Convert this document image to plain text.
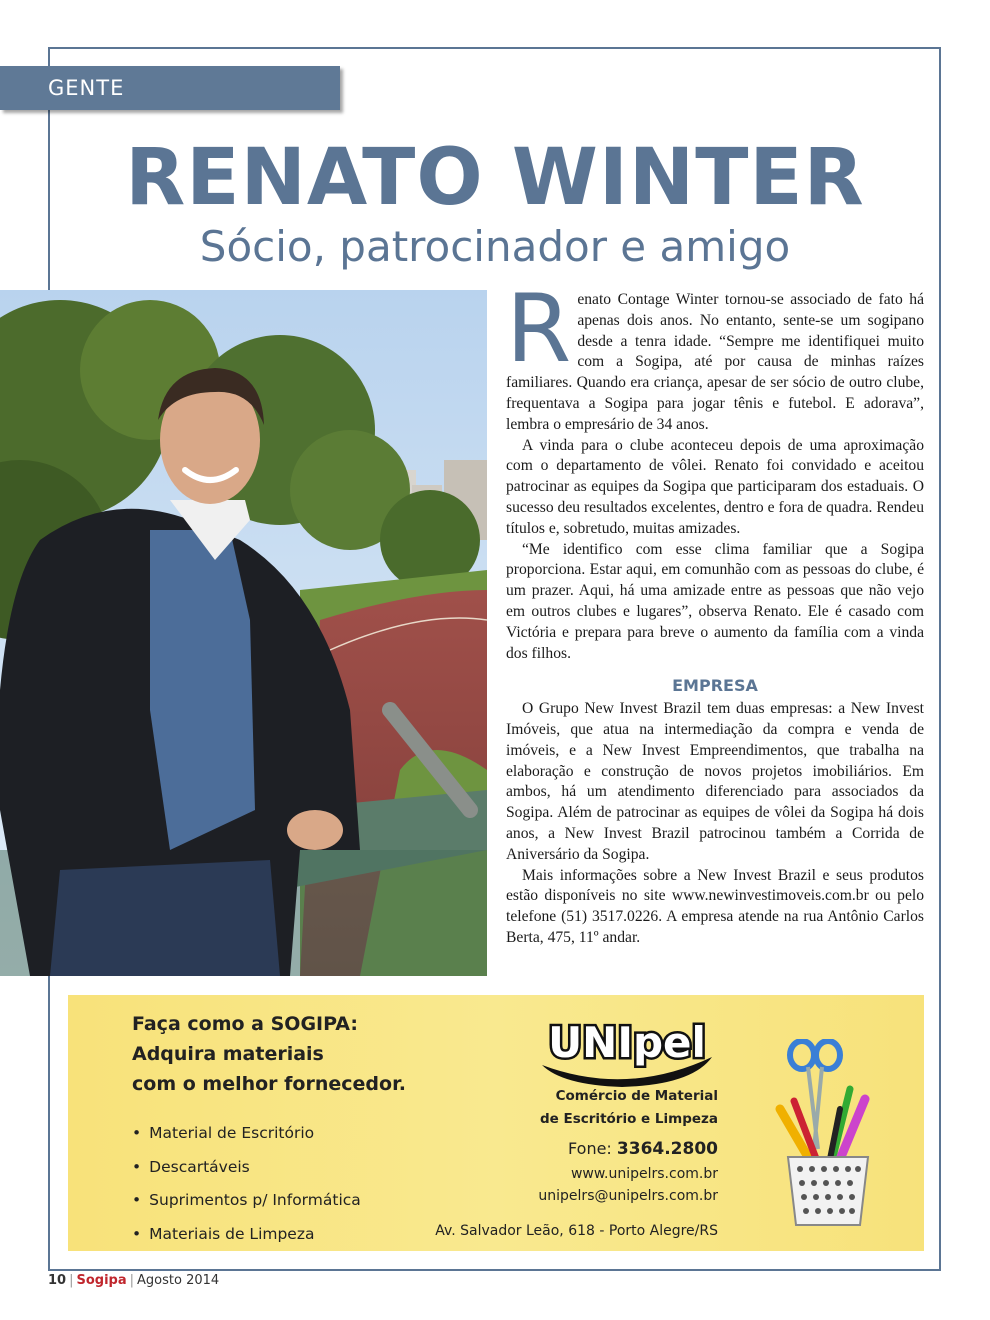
GENTE
RENATO WINTER
Sócio, patrocinador e amigo

Renato Contage Winter tornou-se associado de fato há apenas dois anos. No entanto, sente-se um sogipano desde a tenra idade. “Sempre me identifiquei muito com a Sogipa, até por causa de minhas raízes familiares. Quando era criança, apesar de ser sócio de outro clube, frequentava a Sogipa para jogar tênis e futebol. E adorava”, lembra o empresário de 34 anos.

A vinda para o clube aconteceu depois de uma aproximação com o departamento de vôlei. Renato foi convidado e aceitou patrocinar as equipes da Sogipa que participaram dos estaduais. O sucesso deu resultados excelentes, dentro e fora de quadra. Rendeu títulos e, sobretudo, muitas amizades.

“Me identifico com esse clima familiar que a Sogipa proporciona. Estar aqui, em comunhão com as pessoas do clube, é um prazer. Aqui, há uma amizade entre as pessoas que não vejo em outros clubes e lugares”, observa Renato. Ele é casado com Victória e prepara para breve o aumento da família com a vinda dos filhos.

EMPRESA

O Grupo New Invest Brazil tem duas empresas: a New Invest Imóveis, que atua na intermediação da compra e venda de imóveis, e a New Invest Empreendimentos, que trabalha na elaboração e construção de novos projetos imobiliários. Em ambos, há um atendimento diferenciado para associados da Sogipa. Além de patrocinar as equipes de vôlei da Sogipa há dois anos, a New Invest Brazil patrocinou também a Corrida de Aniversário da Sogipa.

Mais informações sobre a New Invest Brazil e seus produtos estão disponíveis no site www.newinvestimoveis.com.br ou pelo telefone (51) 3517.0226. A empresa atende na rua Antônio Carlos Berta, 475, 11º andar.

Faça como a SOGIPA:
Adquira materiais
com o melhor fornecedor.
• Material de Escritório
• Descartáveis
• Suprimentos p/ Informática
• Materiais de Limpeza
UNIpel
Comércio de Material
de Escritório e Limpeza
Fone: 3364.2800
www.unipelrs.com.br
unipelrs@unipelrs.com.br
Av. Salvador Leão, 618 - Porto Alegre/RS
10 | Sogipa | Agosto 2014
